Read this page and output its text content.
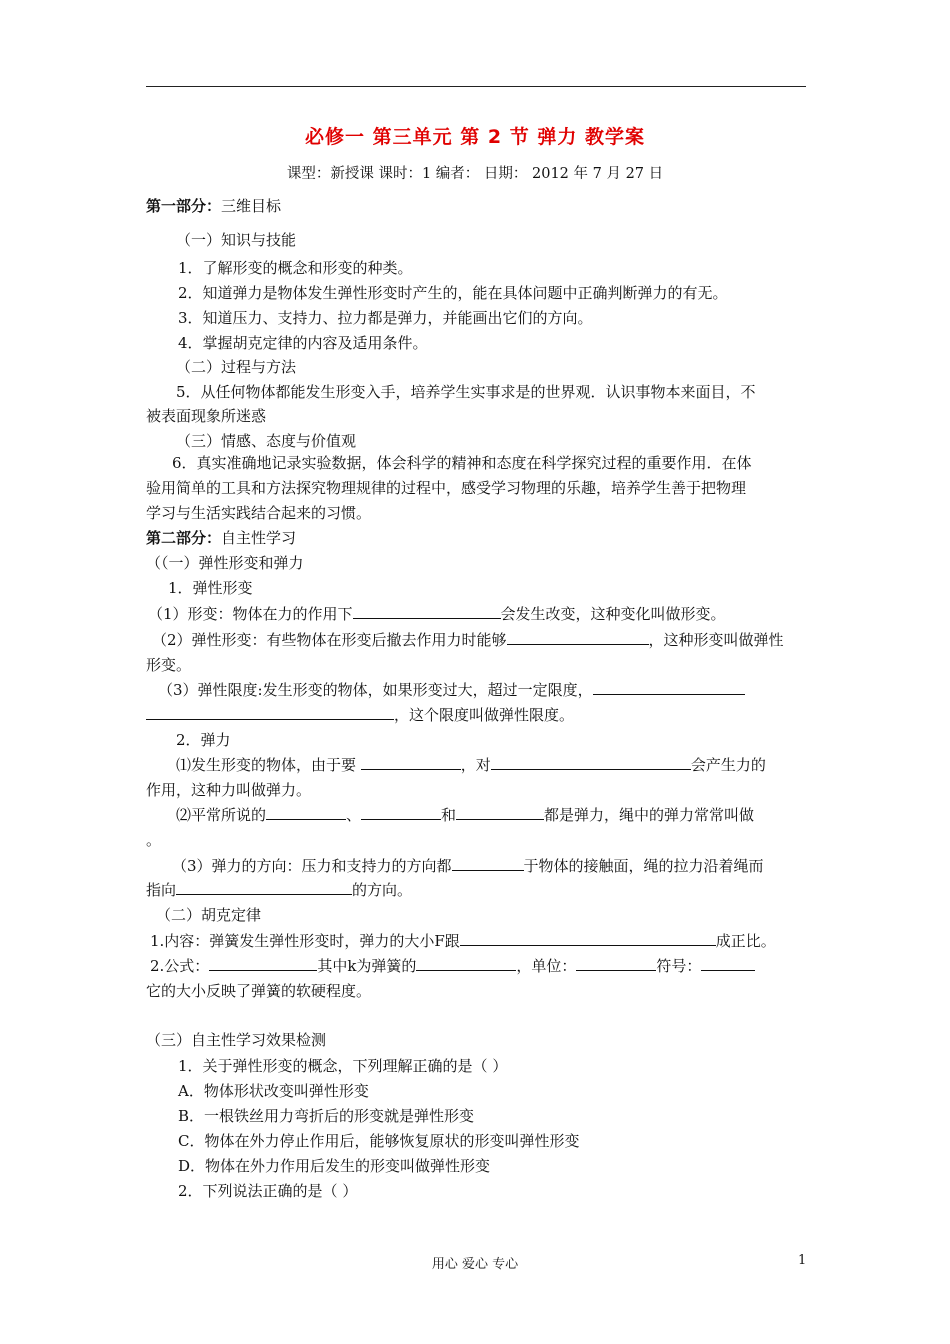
必修一 第三单元 第 2 节 弹力 教学案
课型：新授课 课时：1 编者： 日期： 2012 年 7 月 27 日
第一部分：三维目标
（一）知识与技能
1．了解形变的概念和形变的种类。
2．知道弹力是物体发生弹性形变时产生的，能在具体问题中正确判断弹力的有无。
3．知道压力、支持力、拉力都是弹力，并能画出它们的方向。
4．掌握胡克定律的内容及适用条件。
（二）过程与方法
5．从任何物体都能发生形变入手，培养学生实事求是的世界观．认识事物本来面目，不
被表面现象所迷惑
（三）情感、态度与价值观
6．真实准确地记录实验数据，体会科学的精神和态度在科学探究过程的重要作用．在体
验用简单的工具和方法探究物理规律的过程中，感受学习物理的乐趣，培养学生善于把物理
学习与生活实践结合起来的习惯。
第二部分：自主性学习
（（一）弹性形变和弹力
1．弹性形变
（1）形变：物体在力的作用下	会发生改变，这种变化叫做形变。
（2）弹性形变：有些物体在形变后撤去作用力时能够	，这种形变叫做弹性
形变。
（3）弹性限度:发生形变的物体，如果形变过大，超过一定限度，
，这个限度叫做弹性限度。
2．弹力
⑴发生形变的物体，由于要	，对	会产生力的
作用，这种力叫做弹力。
⑵平常所说的	、	和	都是弹力，绳中的弹力常常叫做
。
（3）弹力的方向：压力和支持力的方向都	于物体的接触面，绳的拉力沿着绳而
指向	的方向。
（二）胡克定律
1.内容：弹簧发生弹性形变时，弹力的大小F跟	成正比。
2.公式：	其中k为弹簧的	，单位：	符号：
它的大小反映了弹簧的软硬程度。
（三）自主性学习效果检测
1．关于弹性形变的概念，下列理解正确的是（ ）
A．物体形状改变叫弹性形变
B．一根铁丝用力弯折后的形变就是弹性形变
C．物体在外力停止作用后，能够恢复原状的形变叫弹性形变
D．物体在外力作用后发生的形变叫做弹性形变
2．下列说法正确的是（ ）
用心 爱心 专心	1
